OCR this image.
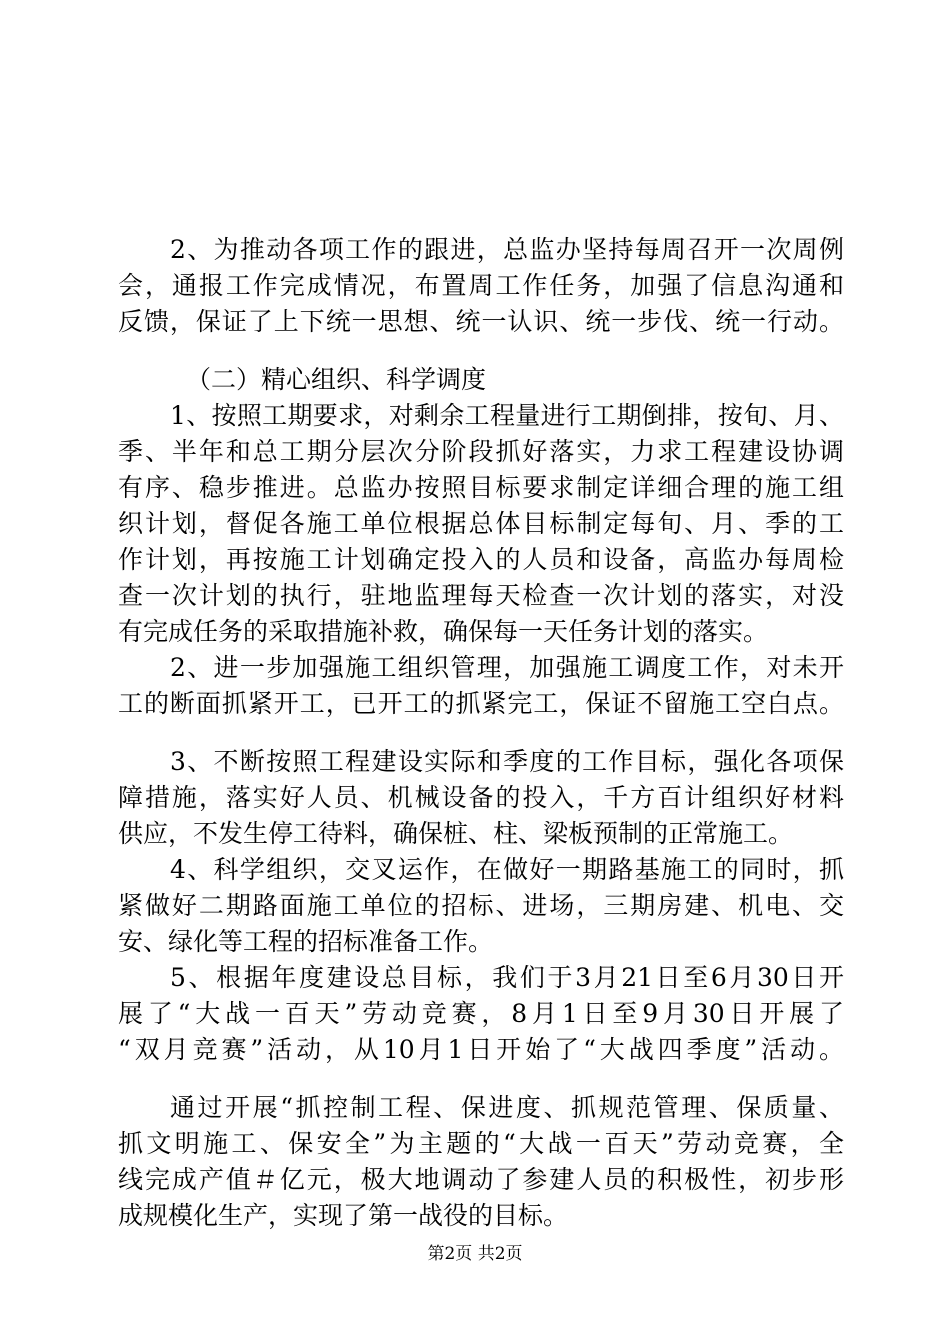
2、为推动各项工作的跟进，总监办坚持每周召开一次周例
会，通报工作完成情况，布置周工作任务，加强了信息沟通和
反馈，保证了上下统一思想、统一认识、统一步伐、统一行动。
（二）精心组织、科学调度
1、按照工期要求，对剩余工程量进行工期倒排，按旬、月、
季、半年和总工期分层次分阶段抓好落实，力求工程建设协调
有序、稳步推进。总监办按照目标要求制定详细合理的施工组
织计划，督促各施工单位根据总体目标制定每旬、月、季的工
作计划，再按施工计划确定投入的人员和设备，高监办每周检
查一次计划的执行，驻地监理每天检查一次计划的落实，对没
有完成任务的采取措施补救，确保每一天任务计划的落实。
2、进一步加强施工组织管理，加强施工调度工作，对未开
工的断面抓紧开工，已开工的抓紧完工，保证不留施工空白点。
3、不断按照工程建设实际和季度的工作目标，强化各项保
障措施，落实好人员、机械设备的投入，千方百计组织好材料
供应，不发生停工待料，确保桩、柱、梁板预制的正常施工。
4、科学组织，交叉运作，在做好一期路基施工的同时，抓
紧做好二期路面施工单位的招标、进场，三期房建、机电、交
安、绿化等工程的招标准备工作。
5、根据年度建设总目标，我们于3月21日至6月30日开
展了“大战一百天”劳动竞赛，8月1日至9月30日开展了
“双月竞赛”活动，从10月1日开始了“大战四季度”活动。
通过开展“抓控制工程、保进度、抓规范管理、保质量、
抓文明施工、保安全”为主题的“大战一百天”劳动竞赛，全
线完成产值＃亿元，极大地调动了参建人员的积极性，初步形
成规模化生产，实现了第一战役的目标。
第2页 共2页
